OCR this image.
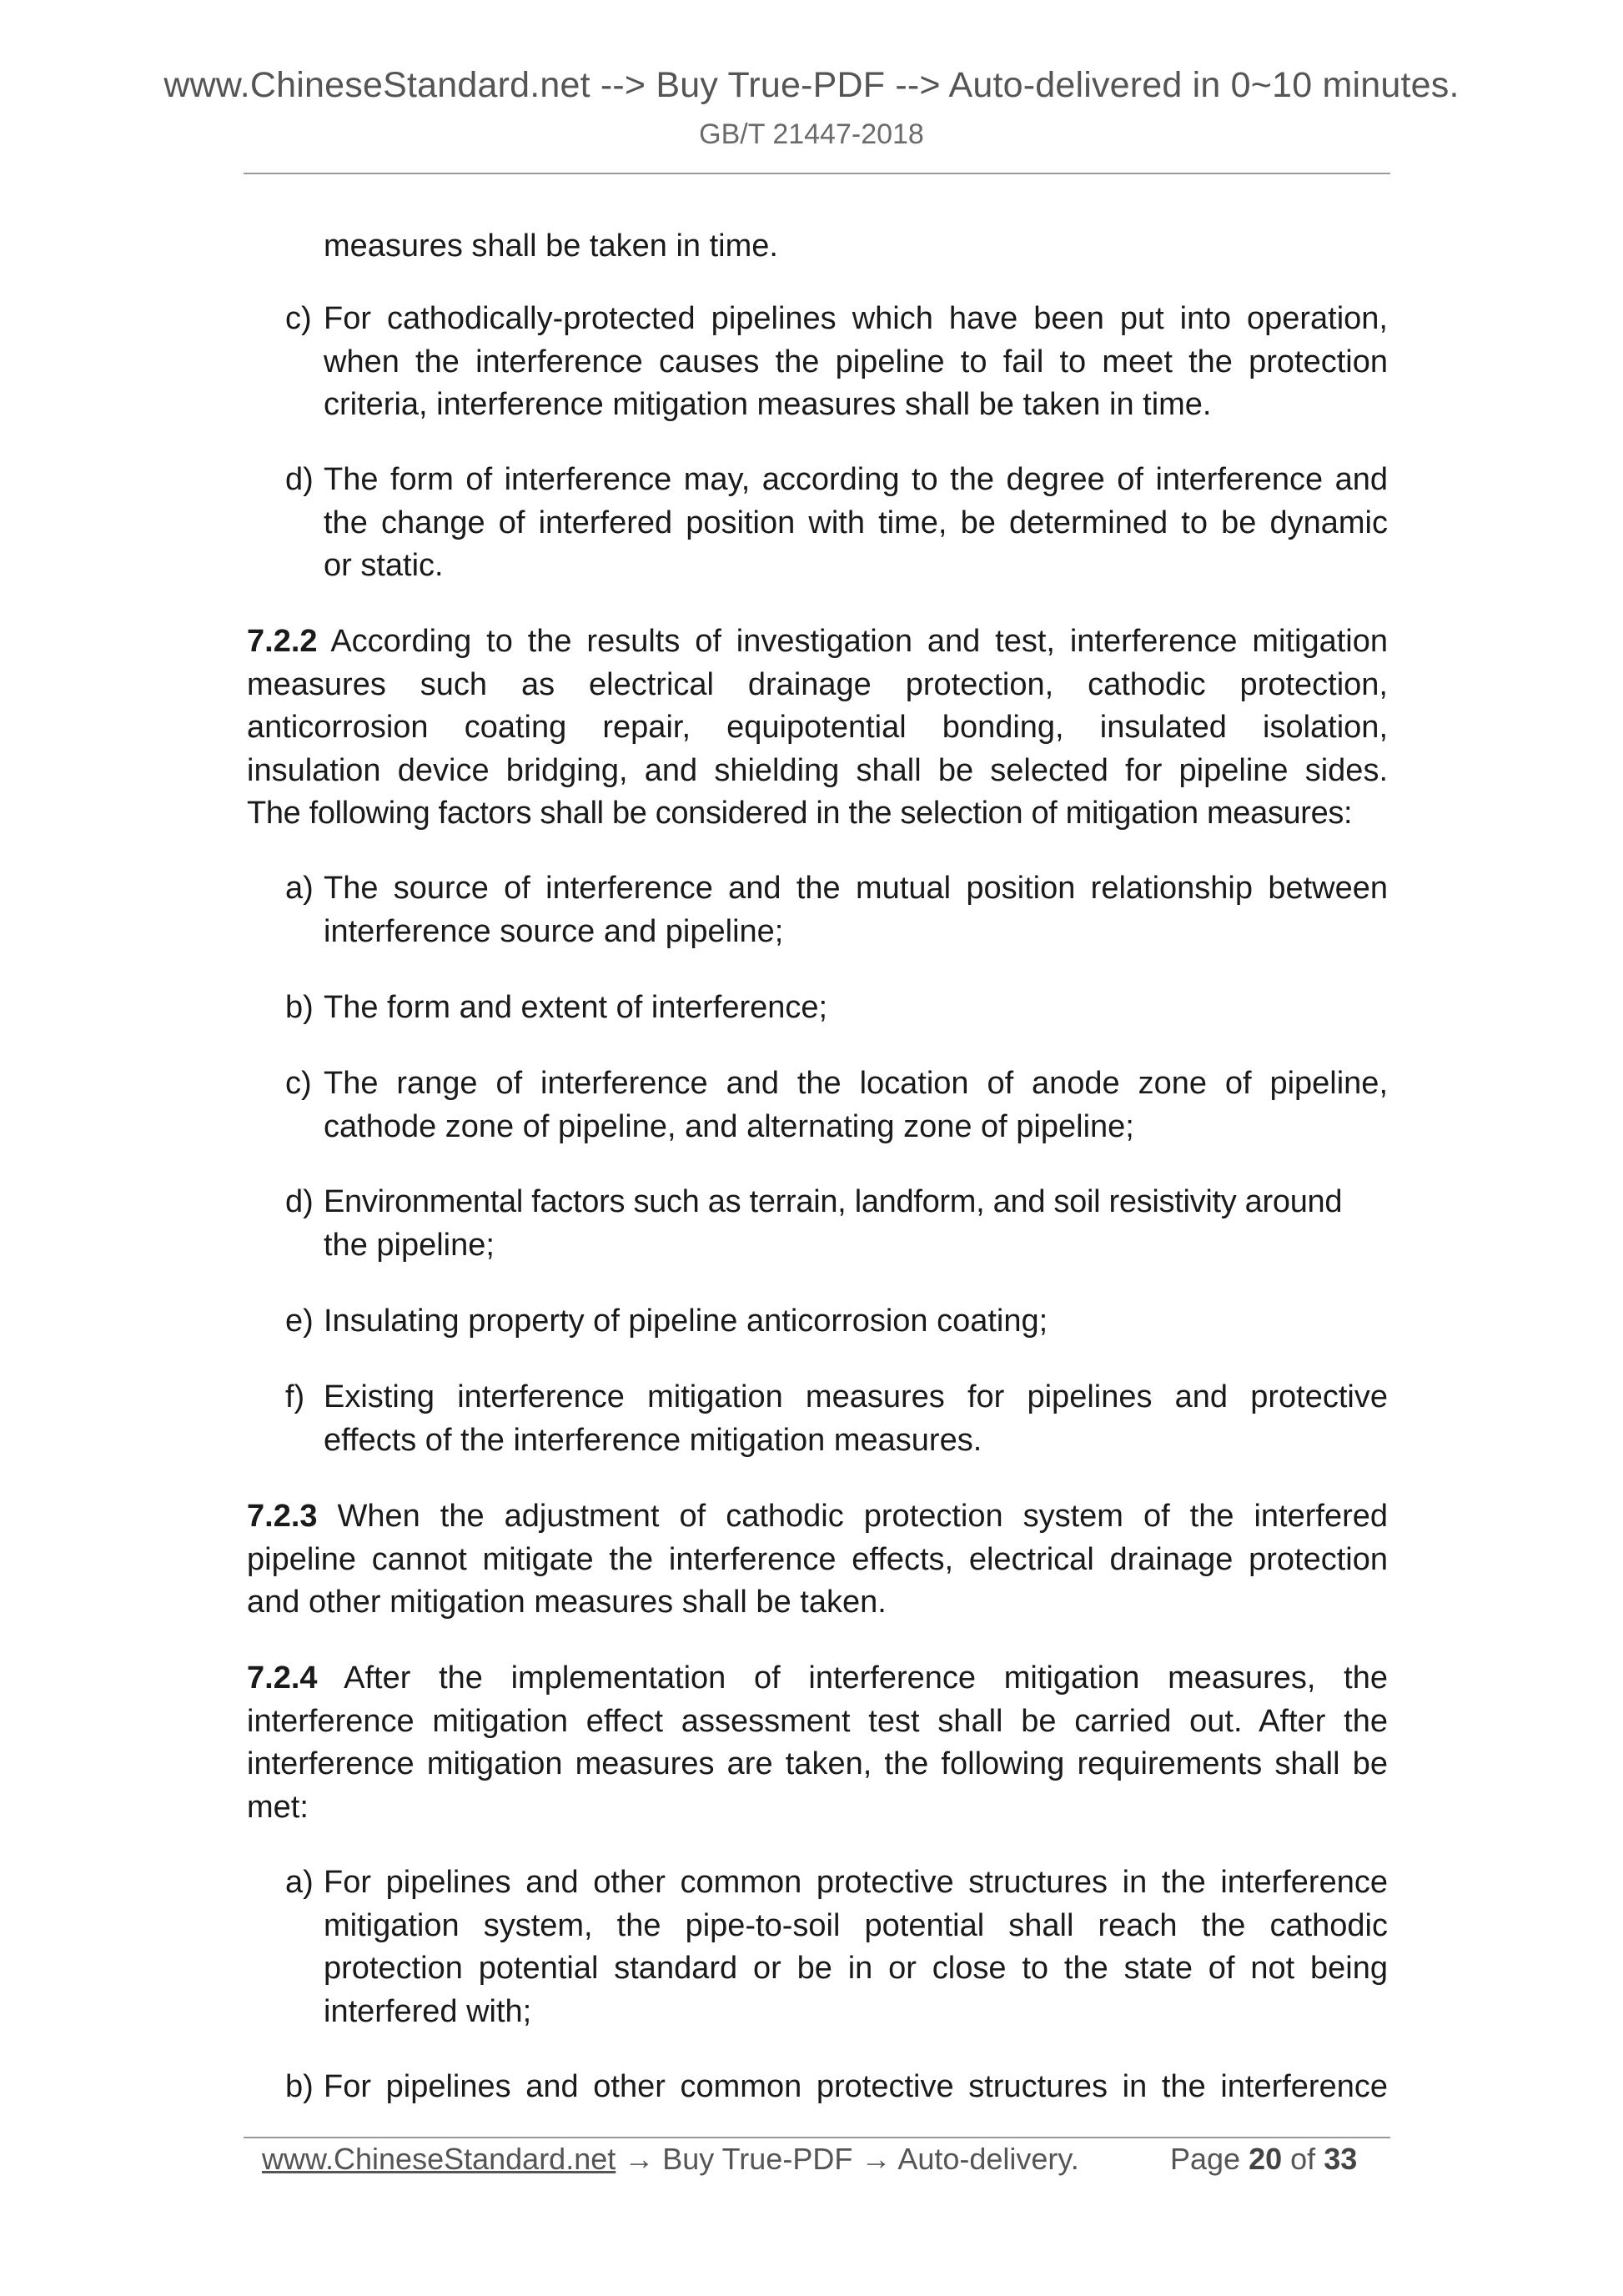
www.ChineseStandard.net --> Buy True-PDF --> Auto-delivered in 0~10 minutes.
GB/T 21447-2018
measures shall be taken in time.
c) For cathodically-protected pipelines which have been put into operation,
when the interference causes the pipeline to fail to meet the protection
criteria, interference mitigation measures shall be taken in time.
d) The form of interference may, according to the degree of interference and
the change of interfered position with time, be determined to be dynamic
or static.
7.2.2 According to the results of investigation and test, interference mitigation
measures such as electrical drainage protection, cathodic protection,
anticorrosion coating repair, equipotential bonding, insulated isolation,
insulation device bridging, and shielding shall be selected for pipeline sides.
The following factors shall be considered in the selection of mitigation measures:
a) The source of interference and the mutual position relationship between
interference source and pipeline;
b) The form and extent of interference;
c) The range of interference and the location of anode zone of pipeline,
cathode zone of pipeline, and alternating zone of pipeline;
d) Environmental factors such as terrain, landform, and soil resistivity around
the pipeline;
e) Insulating property of pipeline anticorrosion coating;
f) Existing interference mitigation measures for pipelines and protective
effects of the interference mitigation measures.
7.2.3 When the adjustment of cathodic protection system of the interfered
pipeline cannot mitigate the interference effects, electrical drainage protection
and other mitigation measures shall be taken.
7.2.4 After the implementation of interference mitigation measures, the
interference mitigation effect assessment test shall be carried out. After the
interference mitigation measures are taken, the following requirements shall be
met:
a) For pipelines and other common protective structures in the interference
mitigation system, the pipe-to-soil potential shall reach the cathodic
protection potential standard or be in or close to the state of not being
interfered with;
b) For pipelines and other common protective structures in the interference
www.ChineseStandard.net → Buy True-PDF → Auto-delivery.	Page 20 of 33
